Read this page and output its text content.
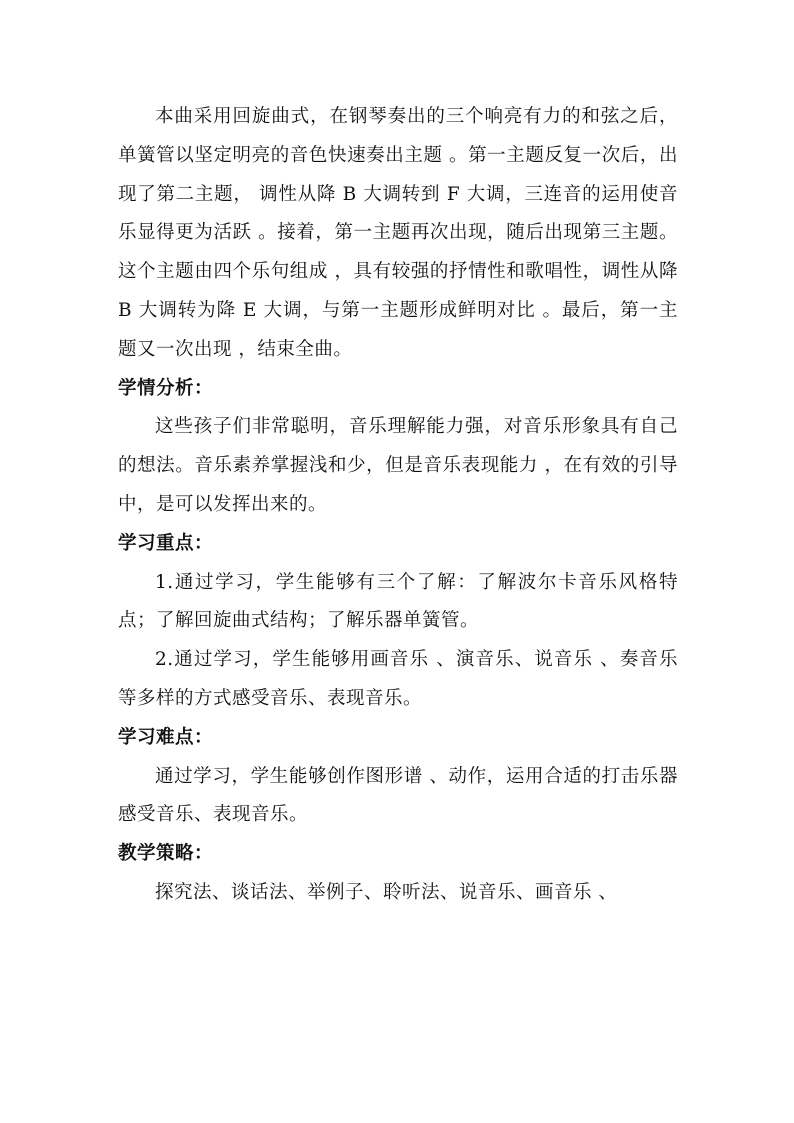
本曲采用回旋曲式，在钢琴奏出的三个响亮有力的和弦之后，单簧管以坚定明亮的音色快速奏出主题 。第一主题反复一次后，出现了第二主题， 调性从降 B 大调转到 F 大调，三连音的运用使音乐显得更为活跃 。接着，第一主题再次出现，随后出现第三主题。这个主题由四个乐句组成 ，具有较强的抒情性和歌唱性，调性从降 B 大调转为降 E 大调，与第一主题形成鲜明对比 。最后，第一主题又一次出现 ，结束全曲。

学情分析：

这些孩子们非常聪明，音乐理解能力强，对音乐形象具有自己的想法。音乐素养掌握浅和少，但是音乐表现能力 ，在有效的引导中，是可以发挥出来的。

学习重点：

1.通过学习，学生能够有三个了解：了解波尔卡音乐风格特点；了解回旋曲式结构；了解乐器单簧管。

2.通过学习，学生能够用画音乐 、演音乐、说音乐 、奏音乐等多样的方式感受音乐、表现音乐。

学习难点：

通过学习，学生能够创作图形谱 、动作，运用合适的打击乐器感受音乐、表现音乐。

教学策略：

探究法、谈话法、举例子、聆听法、说音乐、画音乐 、
